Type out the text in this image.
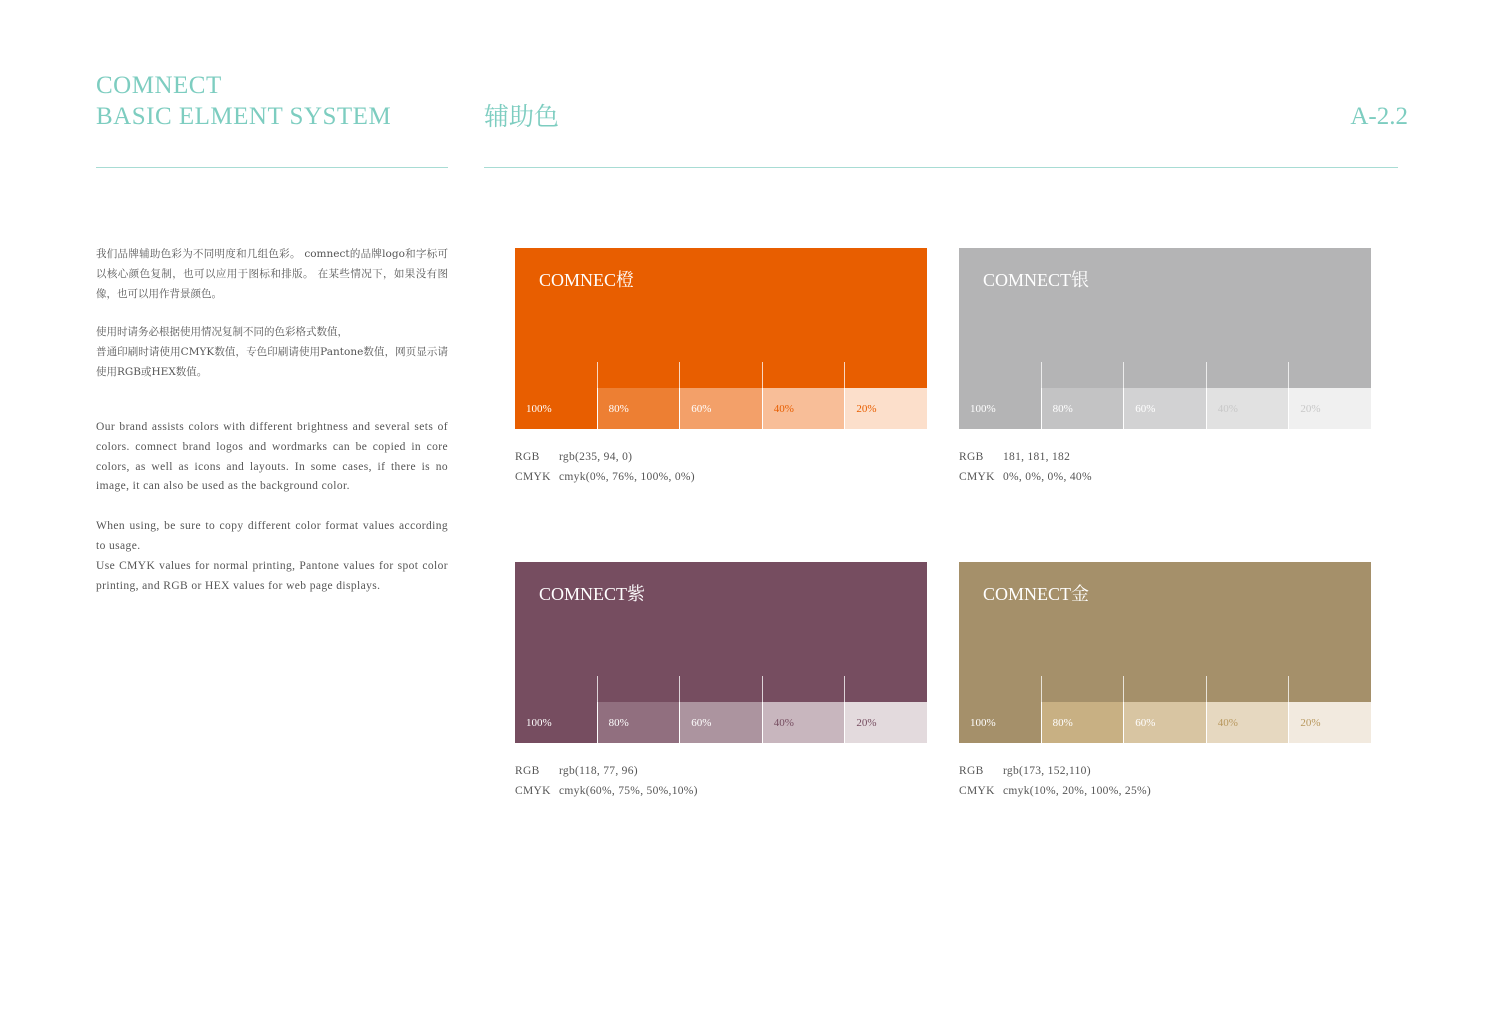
COMNECT
BASIC ELMENT SYSTEM	辅助色	A-2.2

我们品牌辅助色彩为不同明度和几组色彩。 comnect的品牌logo和字标可以核心颜色复制，也可以应用于图标和排版。 在某些情况下，如果没有图像，也可以用作背景颜色。

使用时请务必根据使用情况复制不同的色彩格式数值，
普通印刷时请使用CMYK数值，专色印刷请使用Pantone数值，网页显示请使用RGB或HEX数值。

Our brand assists colors with different brightness and several sets of colors. comnect brand logos and wordmarks can be copied in core colors, as well as icons and layouts. In some cases, if there is no image, it can also be used as the background color.

When using, be sure to copy different color format values according to usage.
Use CMYK values for normal printing, Pantone values for spot color printing, and RGB or HEX values for web page displays.

COMNEC橙
100%	80%	60%	40%	20%
RGB	rgb(235, 94, 0)
CMYK cmyk(0%, 76%, 100%, 0%)
COMNECT银
100%	80%	60%	40%	20%
RGB	181, 181, 182
CMYK 0%, 0%, 0%, 40%
COMNECT紫
100%	80%	60%	40%	20%
RGB	rgb(118, 77, 96)
CMYK cmyk(60%, 75%, 50%,10%)
COMNECT金
100%	80%	60%	40%	20%
RGB	rgb(173, 152,110)
CMYK cmyk(10%, 20%, 100%, 25%)
